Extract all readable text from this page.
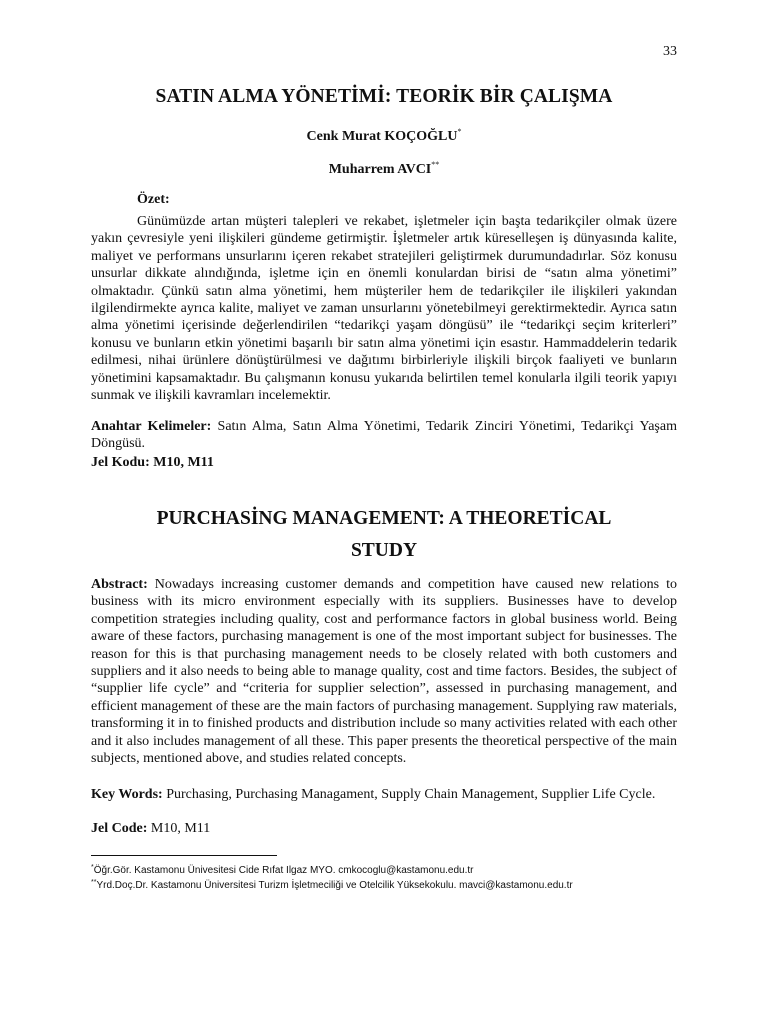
33
SATIN ALMA YÖNETİMİ: TEORİK BİR ÇALIŞMA
Cenk Murat KOÇOĞLU*
Muharrem AVCI**
Özet:

Günümüzde artan müşteri talepleri ve rekabet, işletmeler için başta tedarikçiler olmak üzere yakın çevresiyle yeni ilişkileri gündeme getirmiştir. İşletmeler artık küreselleşen iş dünyasında kalite, maliyet ve performans unsurlarını içeren rekabet stratejileri geliştirmek durumundadırlar. Söz konusu unsurlar dikkate alındığında, işletme için en önemli konulardan birisi de “satın alma yönetimi” olmaktadır. Çünkü satın alma yönetimi, hem müşteriler hem de tedarikçiler ile ilişkileri yakından ilgilendirmekte ayrıca kalite, maliyet ve zaman unsurlarını yönetebilmeyi gerektirmektedir. Ayrıca satın alma yönetimi içerisinde değerlendirilen “tedarikçi yaşam döngüsü” ile “tedarikçi seçim kriterleri” konusu ve bunların etkin yönetimi başarılı bir satın alma yönetimi için esastır. Hammaddelerin tedarik edilmesi, nihai ürünlere dönüştürülmesi ve dağıtımı birbirleriyle ilişkili birçok faaliyeti ve bunların yönetimini kapsamaktadır. Bu çalışmanın konusu yukarıda belirtilen temel konularla ilgili teorik yapıyı sunmak ve ilişkili kavramları incelemektir.

Anahtar Kelimeler: Satın Alma, Satın Alma Yönetimi, Tedarik Zinciri Yönetimi, Tedarikçi Yaşam Döngüsü.

Jel Kodu: M10, M11
PURCHASİNG MANAGEMENT: A THEORETİCAL
STUDY

Abstract: Nowadays increasing customer demands and competition have caused new relations to business with its micro environment especially with its suppliers. Businesses have to develop competition strategies including quality, cost and performance factors in global business world. Being aware of these factors, purchasing management is one of the most important subject for businesses. The reason for this is that purchasing management needs to be closely related with both customers and suppliers and it also needs to being able to manage quality, cost and time factors. Besides, the subject of “supplier life cycle” and “criteria for supplier selection”, assessed in purchasing management, and efficient management of these are the main factors of purchasing management. Supplying raw materials, transforming it in to finished products and distribution include so many activities related with each other and it also includes management of all these. This paper presents the theoretical perspective of the main subjects, mentioned above, and studies related concepts.

Key Words: Purchasing, Purchasing Managament, Supply Chain Management, Supplier Life Cycle.

Jel Code: M10, M11
*Öğr.Gör. Kastamonu Ünivesitesi Cide Rıfat Ilgaz MYO. cmkocoglu@kastamonu.edu.tr
**Yrd.Doç.Dr. Kastamonu Üniversitesi Turizm İşletmeciliği ve Otelcilik Yüksekokulu. mavci@kastamonu.edu.tr
